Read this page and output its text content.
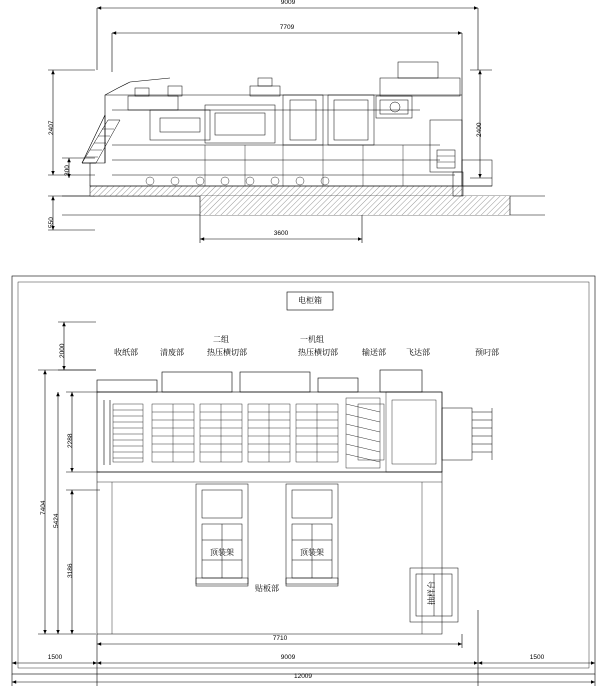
9009
7709
2407
300
2400
550
3600
电柜箱
收纸部	清废部
二组
热压横切部
一机组
热压横切部	输送部	飞达部	预叼部
顶装架	顶装架
贴板部	抽样台
2000
2288
7404
5424
3186
7710
9009
1500	1500
12009
